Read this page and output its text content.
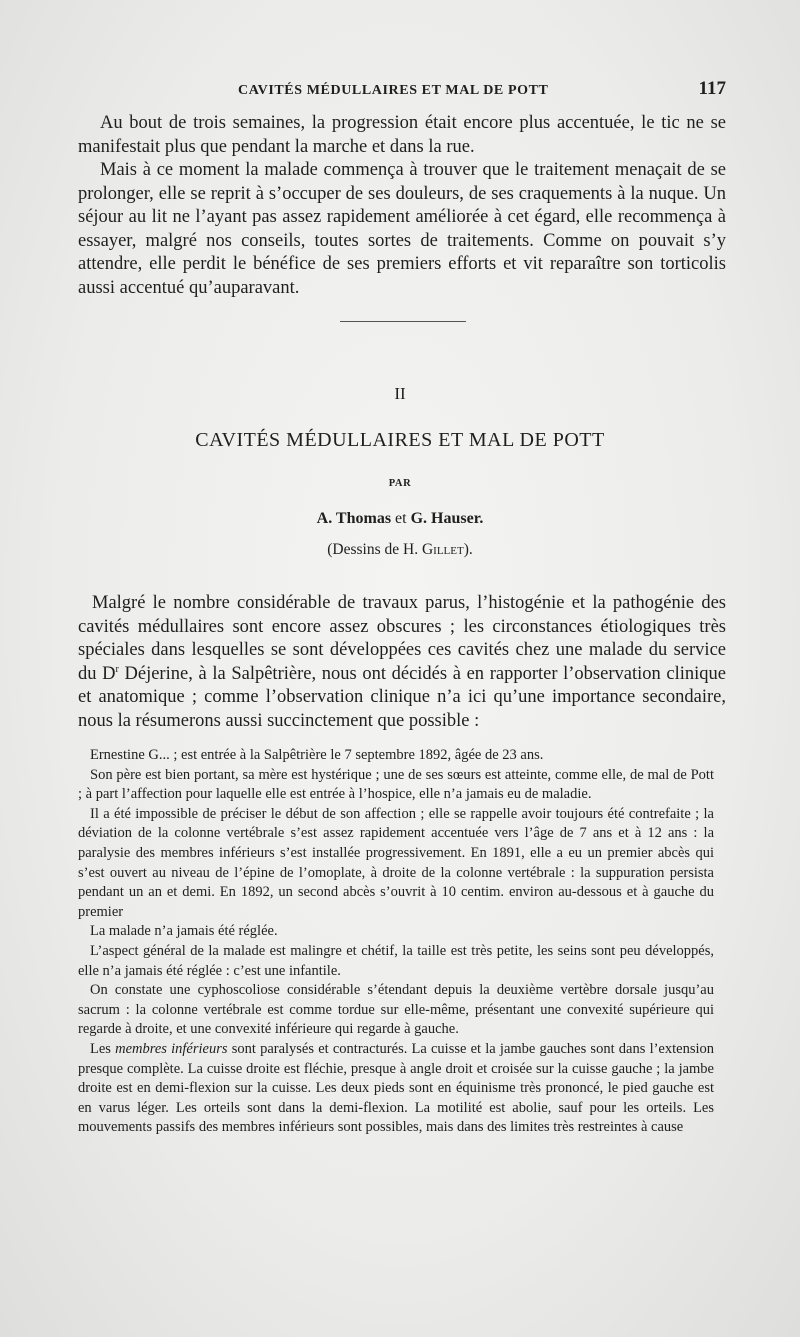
CAVITÉS MÉDULLAIRES ET MAL DE POTT	117

Au bout de trois semaines, la progression était encore plus accentuée, le tic ne se manifestait plus que pendant la marche et dans la rue.

Mais à ce moment la malade commença à trouver que le traitement menaçait de se prolonger, elle se reprit à s’occuper de ses douleurs, de ses craquements à la nuque. Un séjour au lit ne l’ayant pas assez rapidement améliorée à cet égard, elle recommença à essayer, malgré nos conseils, toutes sortes de traitements. Comme on pouvait s’y attendre, elle perdit le bénéfice de ses premiers efforts et vit reparaître son torticolis aussi accentué qu’auparavant.

II
CAVITÉS MÉDULLAIRES ET MAL DE POTT
PAR
A. Thomas et G. Hauser.
(Dessins de H. Gillet).

Malgré le nombre considérable de travaux parus, l’histogénie et la pathogénie des cavités médullaires sont encore assez obscures ; les circonstances étiologiques très spéciales dans lesquelles se sont développées ces cavités chez une malade du service du $D^r$ Déjerine, à la Salpêtrière, nous ont décidés à en rapporter l’observation clinique et anatomique ; comme l’observation clinique n’a ici qu’une importance secondaire, nous la résumerons aussi succinctement que possible :

Ernestine G... ; est entrée à la Salpêtrière le 7 septembre 1892, âgée de 23 ans.

Son père est bien portant, sa mère est hystérique ; une de ses sœurs est atteinte, comme elle, de mal de Pott ; à part l’affection pour laquelle elle est entrée à l’hospice, elle n’a jamais eu de maladie.

Il a été impossible de préciser le début de son affection ; elle se rappelle avoir toujours été contrefaite ; la déviation de la colonne vertébrale s’est assez rapidement accentuée vers l’âge de 7 ans et à 12 ans : la paralysie des membres inférieurs s’est installée progressivement. En 1891, elle a eu un premier abcès qui s’est ouvert au niveau de l’épine de l’omoplate, à droite de la colonne vertébrale : la suppuration persista pendant un an et demi. En 1892, un second abcès s’ouvrit à 10 centim. environ au-dessous et à gauche du premier

La malade n’a jamais été réglée.

L’aspect général de la malade est malingre et chétif, la taille est très petite, les seins sont peu développés, elle n’a jamais été réglée : c’est une infantile.

On constate une cyphoscoliose considérable s’étendant depuis la deuxième vertèbre dorsale jusqu’au sacrum : la colonne vertébrale est comme tordue sur elle-même, présentant une convexité supérieure qui regarde à droite, et une convexité inférieure qui regarde à gauche.

Les membres inférieurs sont paralysés et contracturés. La cuisse et la jambe gauches sont dans l’extension presque complète. La cuisse droite est fléchie, presque à angle droit et croisée sur la cuisse gauche ; la jambe droite est en demi-flexion sur la cuisse. Les deux pieds sont en équinisme très prononcé, le pied gauche est en varus léger. Les orteils sont dans la demi-flexion. La motilité est abolie, sauf pour les orteils. Les mouvements passifs des membres inférieurs sont possibles, mais dans des limites très restreintes à cause
